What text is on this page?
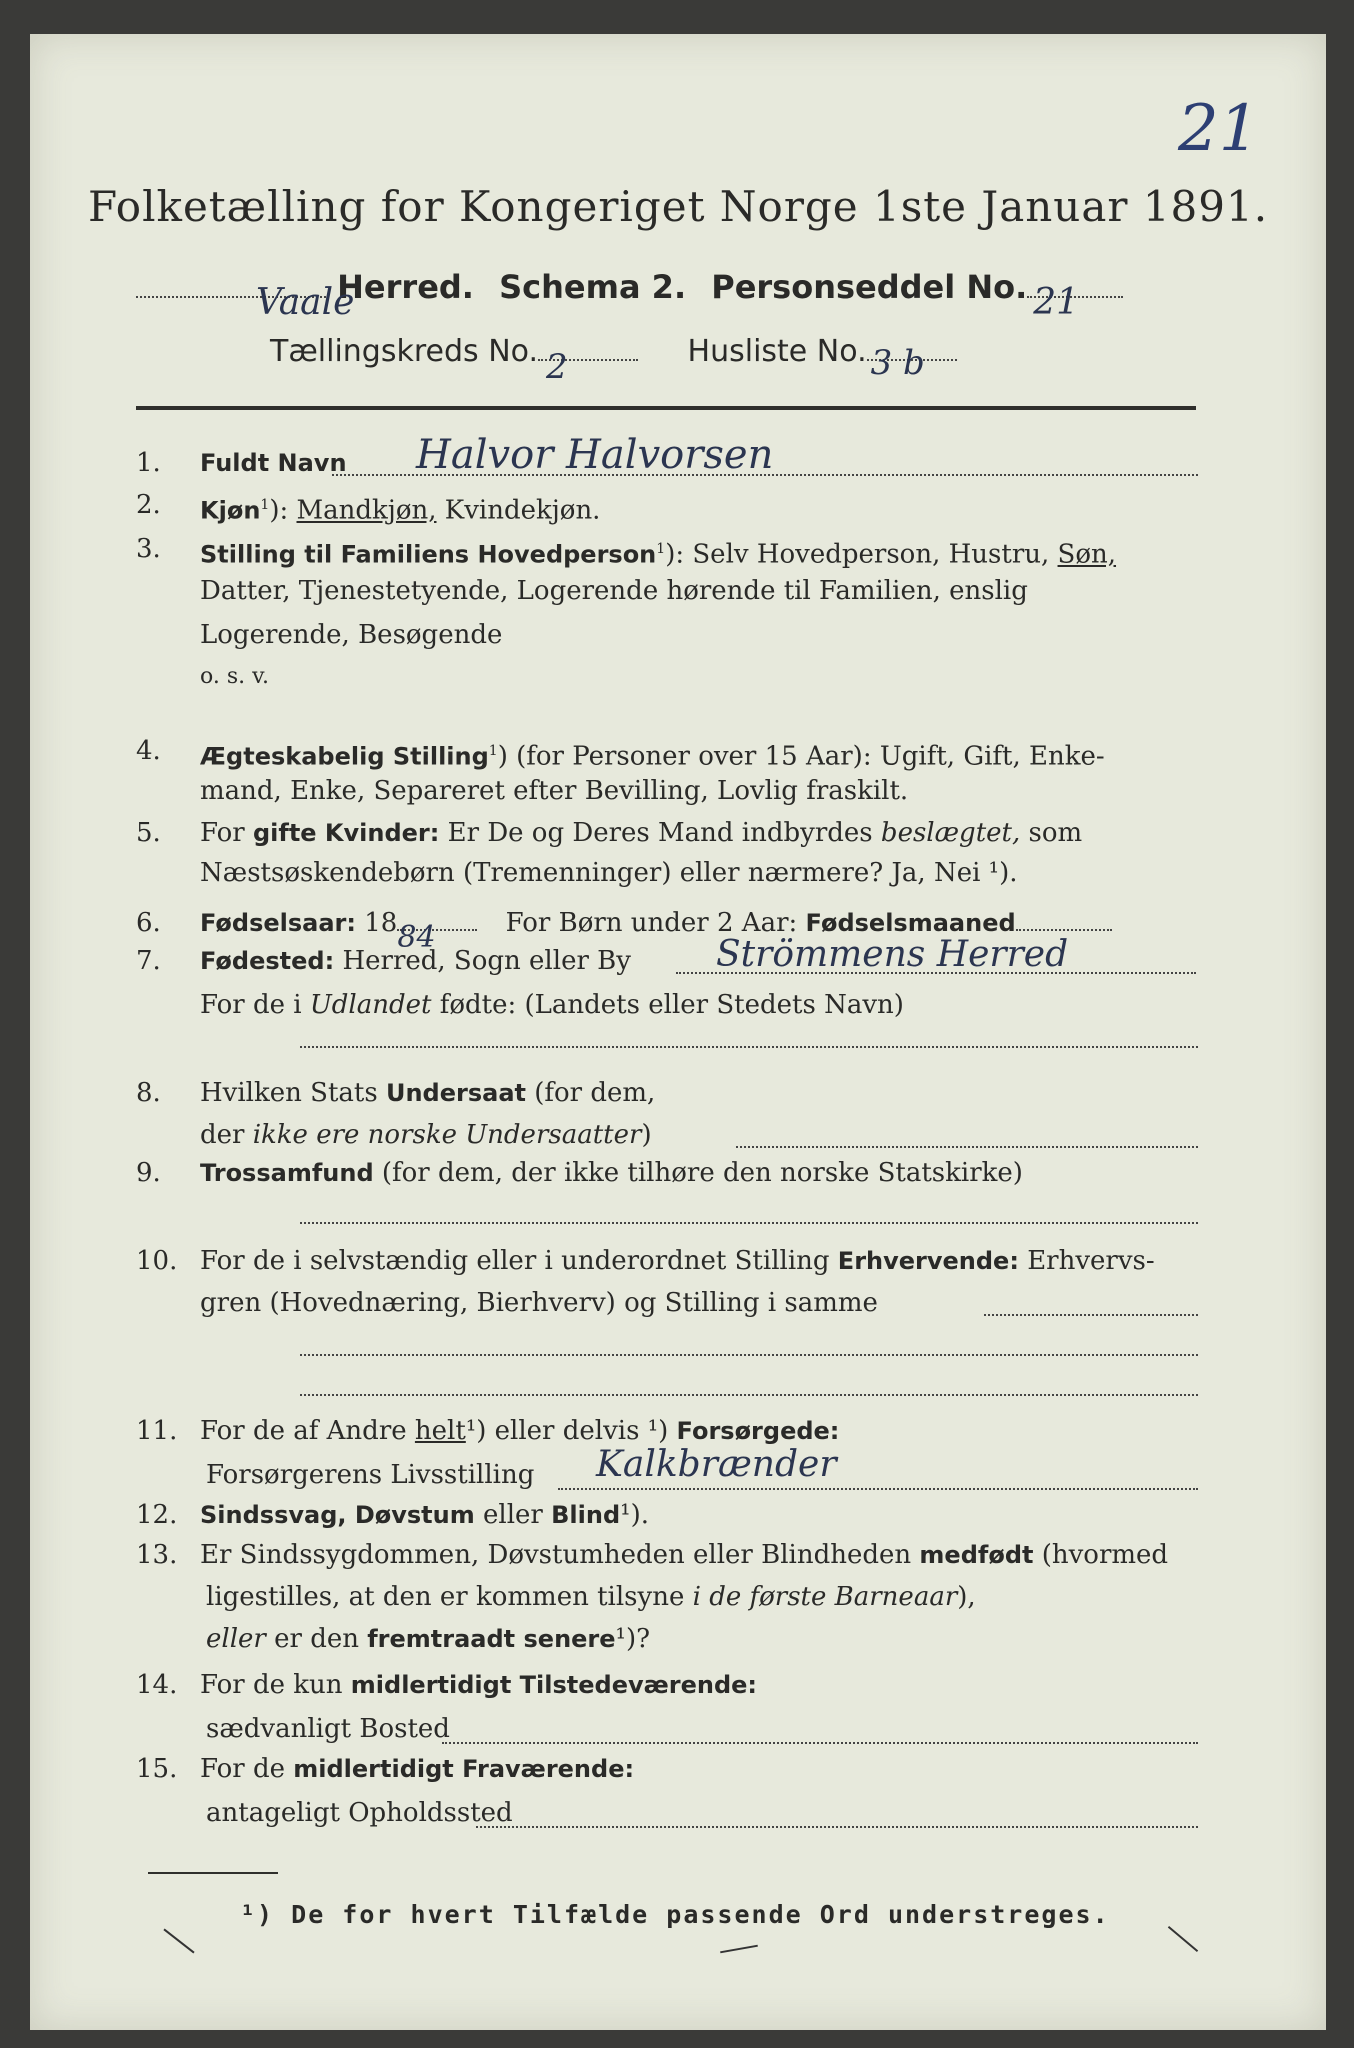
21
Folketælling for Kongeriget Norge 1ste Januar 1891.
Vaale
Herred. Schema 2. Personseddel No. 21
Tællingskreds No. 2	Husliste No. 3 b
1.	Fuldt Navn	Halvor Halvorsen
2.	Kjøn$^1$): Mandkjøn, Kvindekjøn.
3.	Stilling til Familiens Hovedperson$^1$): Selv Hovedperson, Hustru, Søn,
Datter, Tjenestetyende, Logerende hørende til Familien, enslig
Logerende, Besøgende
o. s. v.
4.	Ægteskabelig Stilling$^1$) (for Personer over 15 Aar): Ugift, Gift, Enke-
mand, Enke, Separeret efter Bevilling, Lovlig fraskilt.
5.	For gifte Kvinder: Er De og Deres Mand indbyrdes beslægtet, som
Næstsøskendebørn (Tremenninger) eller nærmere? Ja, Nei ¹).
6.	Fødselsaar: 18 84	For Børn under 2 Aar: Fødselsmaaned
7.	Fødested: Herred, Sogn eller By	Strömmens Herred
For de i Udlandet fødte: (Landets eller Stedets Navn)
8.	Hvilken Stats Undersaat (for dem,
der ikke ere norske Undersaatter)
9.	Trossamfund (for dem, der ikke tilhøre den norske Statskirke)
10. For de i selvstændig eller i underordnet Stilling Erhvervende: Erhvervs-
gren (Hovednæring, Bierhverv) og Stilling i samme
11. For de af Andre helt¹) eller delvis ¹) Forsørgede:
Forsørgerens Livsstilling	Kalkbrænder
12. Sindssvag, Døvstum eller Blind¹).
13. Er Sindssygdommen, Døvstumheden eller Blindheden medfødt (hvormed
ligestilles, at den er kommen tilsyne i de første Barneaar),
eller er den fremtraadt senere¹)?
14. For de kun midlertidigt Tilstedeværende:
sædvanligt Bosted
15. For de midlertidigt Fraværende:
antageligt Opholdssted
¹) De for hvert Tilfælde passende Ord understreges.
